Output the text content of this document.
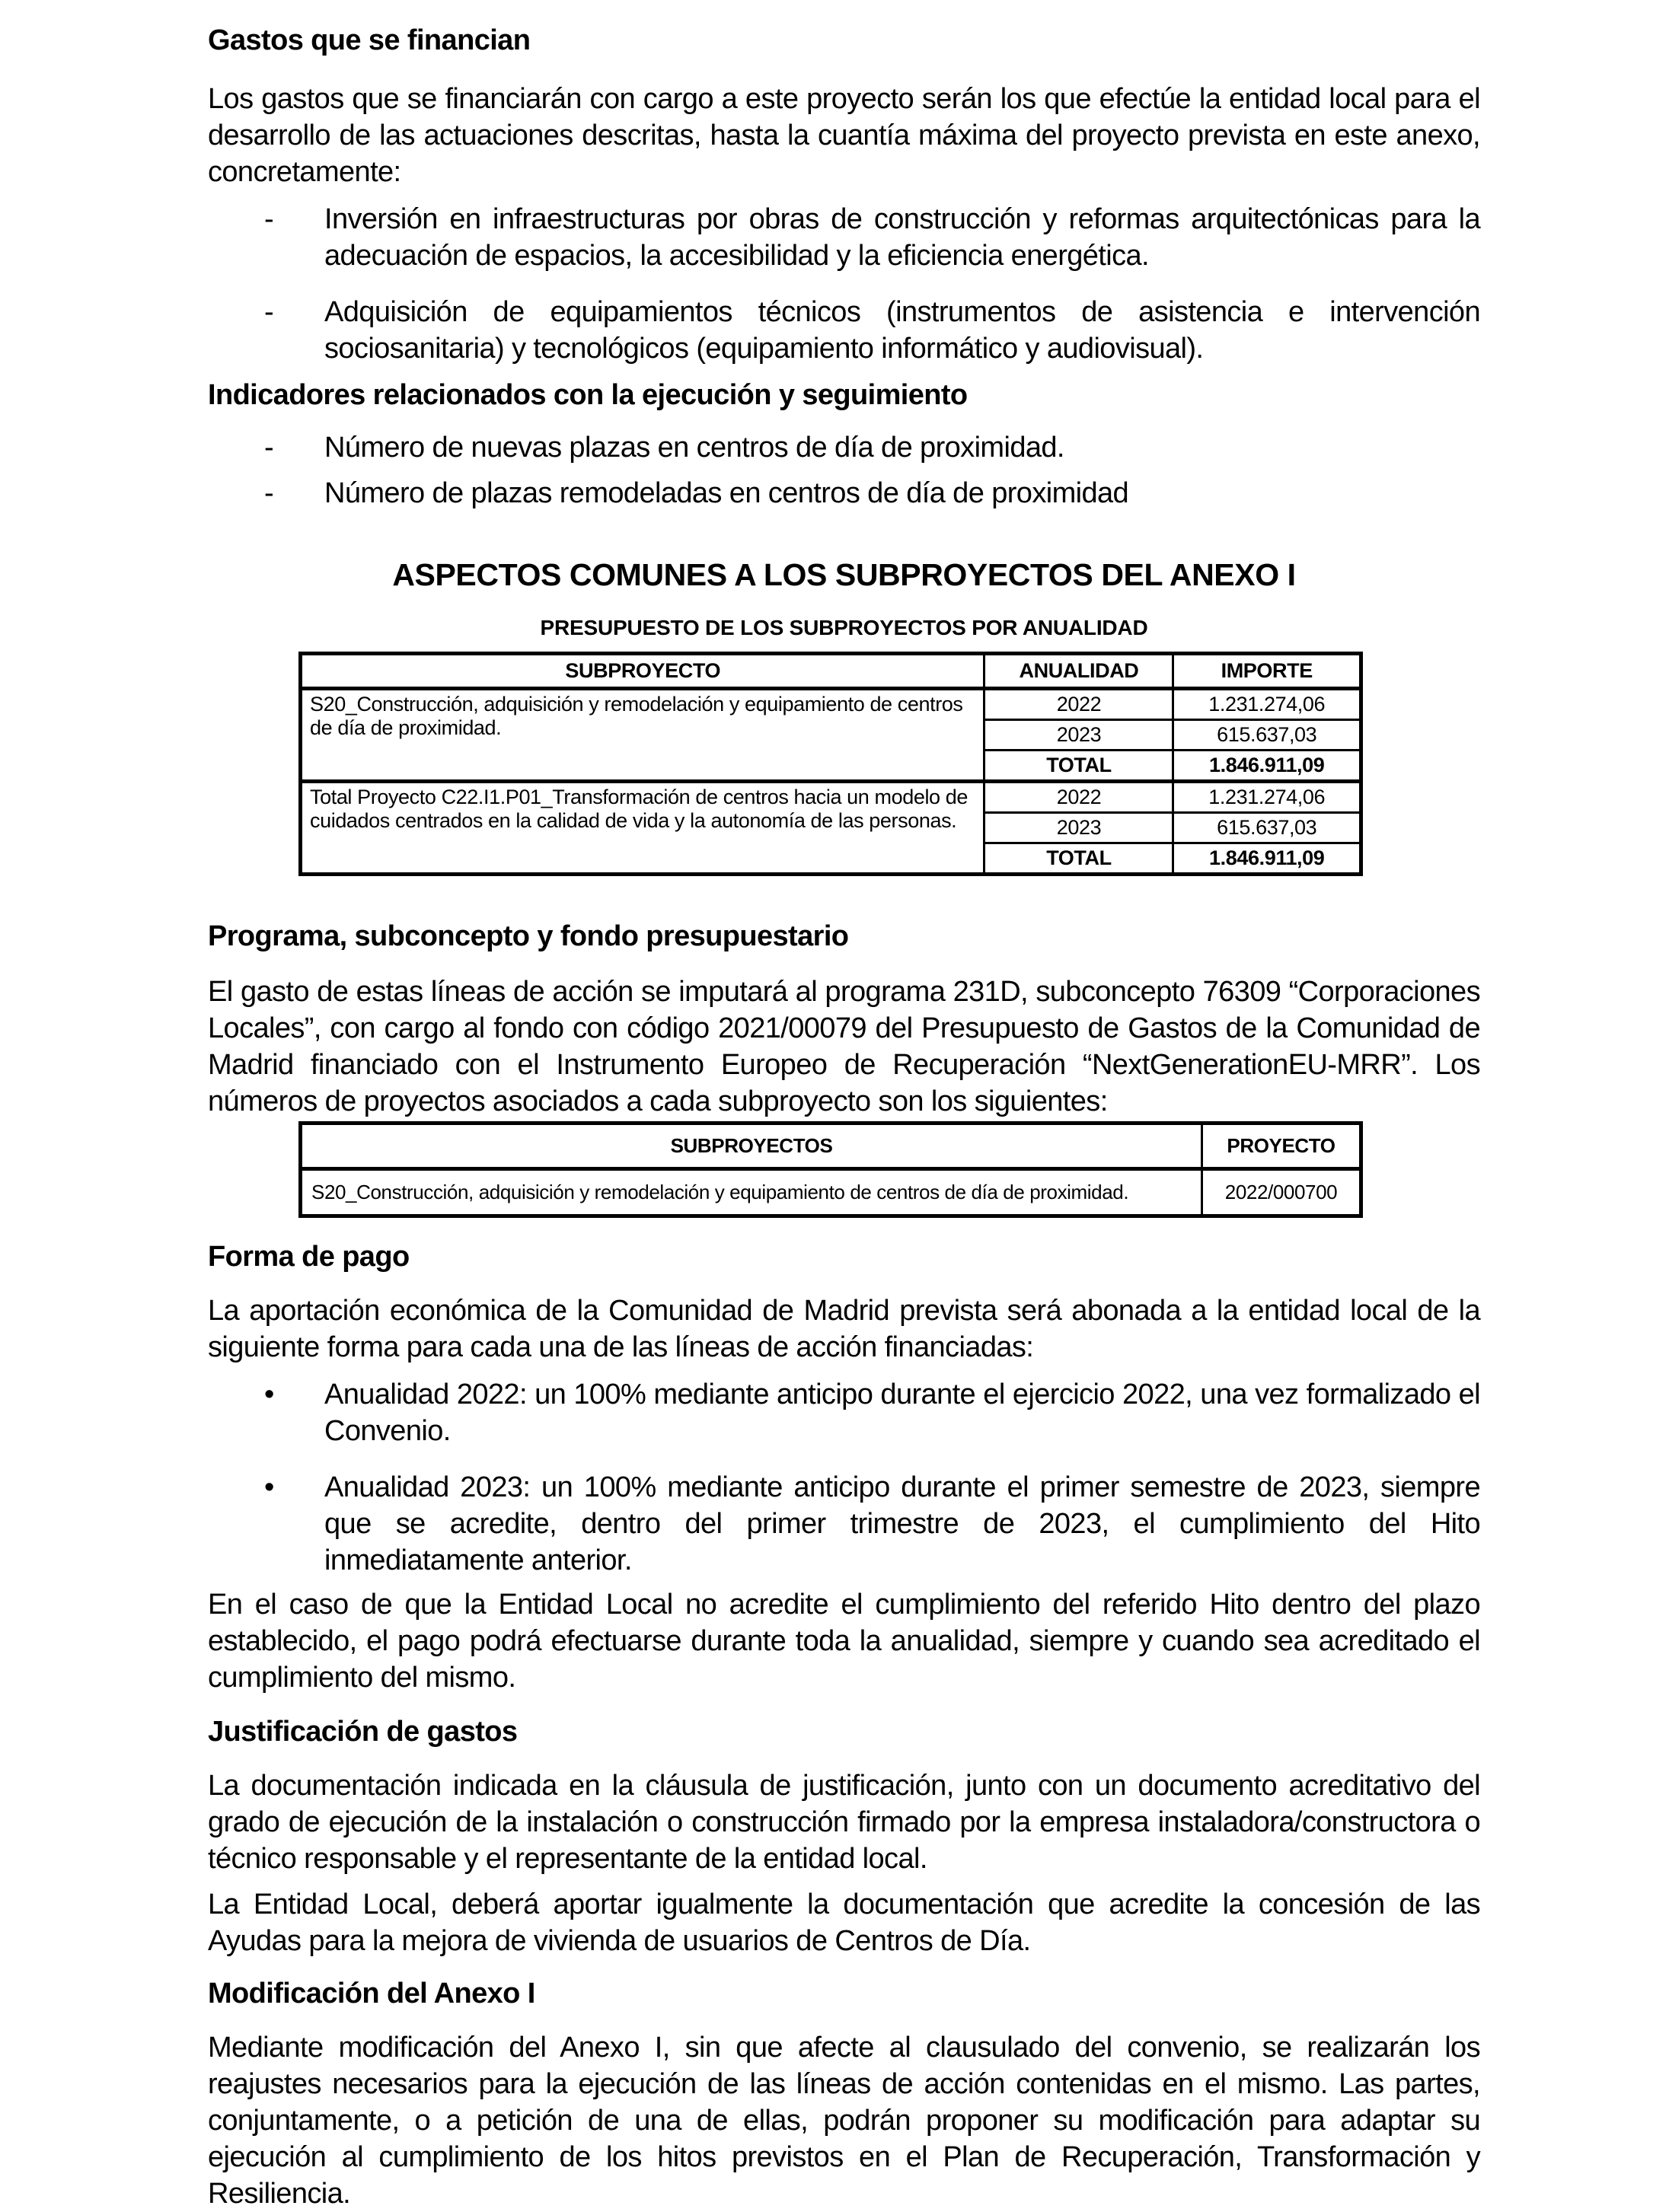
Gastos que se financian

Los gastos que se financiarán con cargo a este proyecto serán los que efectúe la entidad local para el desarrollo de las actuaciones descritas, hasta la cuantía máxima del proyecto prevista en este anexo, concretamente:

- Inversión en infraestructuras por obras de construcción y reformas arquitectónicas para la adecuación de espacios, la accesibilidad y la eficiencia energética.
- Adquisición de equipamientos técnicos (instrumentos de asistencia e intervención sociosanitaria) y tecnológicos (equipamiento informático y audiovisual).
Indicadores relacionados con la ejecución y seguimiento
- Número de nuevas plazas en centros de día de proximidad.
- Número de plazas remodeladas en centros de día de proximidad
ASPECTOS COMUNES A LOS SUBPROYECTOS DEL ANEXO I
PRESUPUESTO DE LOS SUBPROYECTOS POR ANUALIDAD
SUBPROYECTO	ANUALIDAD	IMPORTE
S20_Construcción, adquisición y remodelación y equipamiento de centros de día de proximidad.	2022	1.231.274,06
	2023	615.637,03
	TOTAL	1.846.911,09
Total Proyecto C22.I1.P01_Transformación de centros hacia un modelo de cuidados centrados en la calidad de vida y la autonomía de las personas.	2022	1.231.274,06
	2023	615.637,03
	TOTAL	1.846.911,09
Programa, subconcepto y fondo presupuestario

El gasto de estas líneas de acción se imputará al programa 231D, subconcepto 76309 “Corporaciones Locales”, con cargo al fondo con código 2021/00079 del Presupuesto de Gastos de la Comunidad de Madrid financiado con el Instrumento Europeo de Recuperación “NextGenerationEU-MRR”. Los números de proyectos asociados a cada subproyecto son los siguientes:

SUBPROYECTOS	PROYECTO
S20_Construcción, adquisición y remodelación y equipamiento de centros de día de proximidad.	2022/000700
Forma de pago

La aportación económica de la Comunidad de Madrid prevista será abonada a la entidad local de la siguiente forma para cada una de las líneas de acción financiadas:

• Anualidad 2022: un 100% mediante anticipo durante el ejercicio 2022, una vez formalizado el Convenio.
• Anualidad 2023: un 100% mediante anticipo durante el primer semestre de 2023, siempre que se acredite, dentro del primer trimestre de 2023, el cumplimiento del Hito inmediatamente anterior.

En el caso de que la Entidad Local no acredite el cumplimiento del referido Hito dentro del plazo establecido, el pago podrá efectuarse durante toda la anualidad, siempre y cuando sea acreditado el cumplimiento del mismo.

Justificación de gastos

La documentación indicada en la cláusula de justificación, junto con un documento acreditativo del grado de ejecución de la instalación o construcción firmado por la empresa instaladora/constructora o técnico responsable y el representante de la entidad local.

La Entidad Local, deberá aportar igualmente la documentación que acredite la concesión de las Ayudas para la mejora de vivienda de usuarios de Centros de Día.

Modificación del Anexo I

Mediante modificación del Anexo I, sin que afecte al clausulado del convenio, se realizarán los reajustes necesarios para la ejecución de las líneas de acción contenidas en el mismo. Las partes, conjuntamente, o a petición de una de ellas, podrán proponer su modificación para adaptar su ejecución al cumplimiento de los hitos previstos en el Plan de Recuperación, Transformación y Resiliencia.
